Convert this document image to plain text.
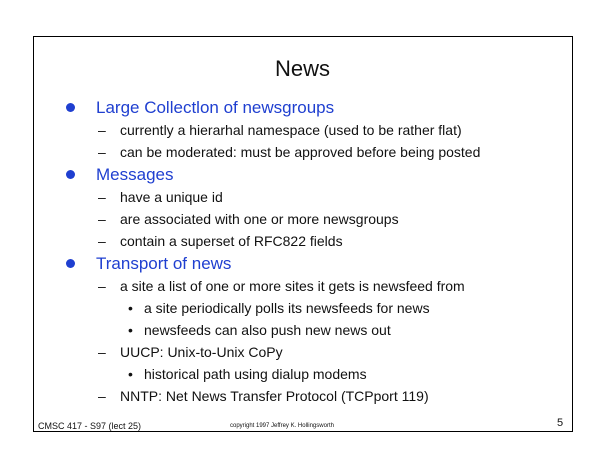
News
Large Collectlon of newsgroups
– currently a hierarhal namespace (used to be rather flat)
– can be moderated: must be approved before being posted
Messages
– have a unique id
– are associated with one or more newsgroups
– contain a superset of RFC822 fields
Transport of news
– a site a list of one or more sites it gets is newsfeed from
• a site periodically polls its newsfeeds for news
• newsfeeds can also push new news out
– UUCP: Unix-to-Unix CoPy
• historical path using dialup modems
– NNTP: Net News Transfer Protocol (TCPport 119)
CMSC 417 - S97 (lect 25)	copyright 1997 Jeffrey K. Hollingsworth	5
